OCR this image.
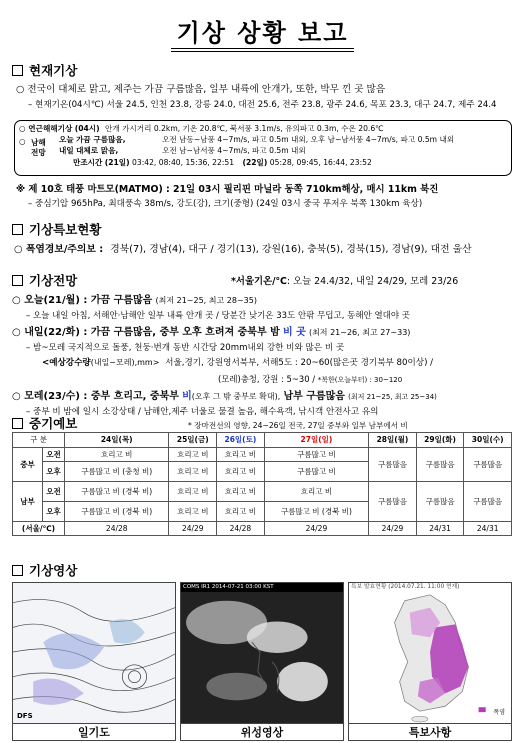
기상 상황 보고
현재기상
○ 전국이 대체로 맑고, 제주는 가끔 구름많음, 일부 내륙에 안개가, 또한, 박무 낀 곳 많음
– 현재기온(04시℃) 서울 24.5, 인천 23.8, 강릉 24.0, 대전 25.6, 전주 23.8, 광주 24.6, 목포 23.3, 대구 24.7, 제주 24.4
○ 연근해해기상 (04시) 안개 가시거리 0.2km, 기온 20.8℃, 북서풍 3.1m/s, 유의파고 0.3m, 수온 20.6℃
○ 남해
전망
오늘 가끔 구름많음,	오전 남동~남풍 4~7m/s, 파고 0.5m 내외, 오후 남~남서풍 4~7m/s, 파고 0.5m 내외
내일 대체로 맑음,	오전 남~남서풍 4~7m/s, 파고 0.5m 내외
만조시간 (21일) 03:42, 08:40, 15:36, 22:51 (22일) 05:28, 09:45, 16:44, 23:52
※ 제 10호 태풍 마트모(MATMO) : 21일 03시 필리핀 마닐라 동쪽 710km해상, 매시 11km 북진
– 중심기압 965hPa, 최대풍속 38m/s, 강도(강), 크기(중형) (24일 03시 중국 푸저우 북쪽 130km 육상)
기상특보현황
○ 폭염경보/주의보 : 경북(7), 경남(4), 대구 / 경기(13), 강원(16), 충북(5), 경북(15), 경남(9), 대전 울산
기상전망	*서울기온/℃: 오늘 24.4/32, 내일 24/29, 모레 23/26
○ 오늘(21/월) : 가끔 구름많음 (최저 21~25, 최고 28~35)
– 오늘 내일 아침, 서해안·남해안 일부 내륙 안개 곳 / 당분간 낮기온 33도 안팎 무덥고, 동해안 열대야 곳
○ 내일(22/화) : 가끔 구름많음, 중부 오후 흐려져 중북부 밤 비 곳 (최저 21~26, 최고 27~33)
– 밤~모레 국지적으로 돌풍, 천둥·번개 동반 시간당 20mm내외 강한 비와 많은 비 곳
<예상강수량(내일~모레),mm> 서울,경기, 강원영서북부, 서해5도 : 20~60(많은곳 경기북부 80이상) /
(모레)충청, 강원 : 5~30 / *북한(오늘부터) : 30~120
○ 모레(23/수) : 중부 흐리고, 중북부 비(오후 그 밖 중부로 확대), 남부 구름많음 (최저 21~25, 최고 25~34)
– 중부 비 밤에 일시 소강상태 / 남해안,제주 너울로 물결 높음, 해수욕객, 낚시객 안전사고 유의
중기예보	* 장마전선의 영향, 24~26일 전국, 27일 중부와 일부 남부에서 비
구 분		24일(목)	25일(금)	26일(토)	27일(일)	28일(월)	29일(화)	30일(수)
중부	오전	흐리고 비	흐리고 비	흐리고 비	구름많고 비	구름많음	구름많음	구름많음
	오후	구름많고 비 (충청 비)	흐리고 비	흐리고 비	구름많고 비			
남부	오전	구름많고 비 (경북 비)	흐리고 비	흐리고 비	흐리고 비	구름많음	구름많음	구름많음
	오후	구름많고 비 (경북 비)	흐리고 비	흐리고 비	구름많고 비 (경북 비)			
(서울/℃)		24/28	24/29	24/28	24/29	24/29	24/31	24/31
기상영상
DFS
COMS IR1 2014-07-21 03:00 KST	특보 발효현황 (2014.07.21. 11:00 현재)
폭염
일기도	위성영상	특보사항
